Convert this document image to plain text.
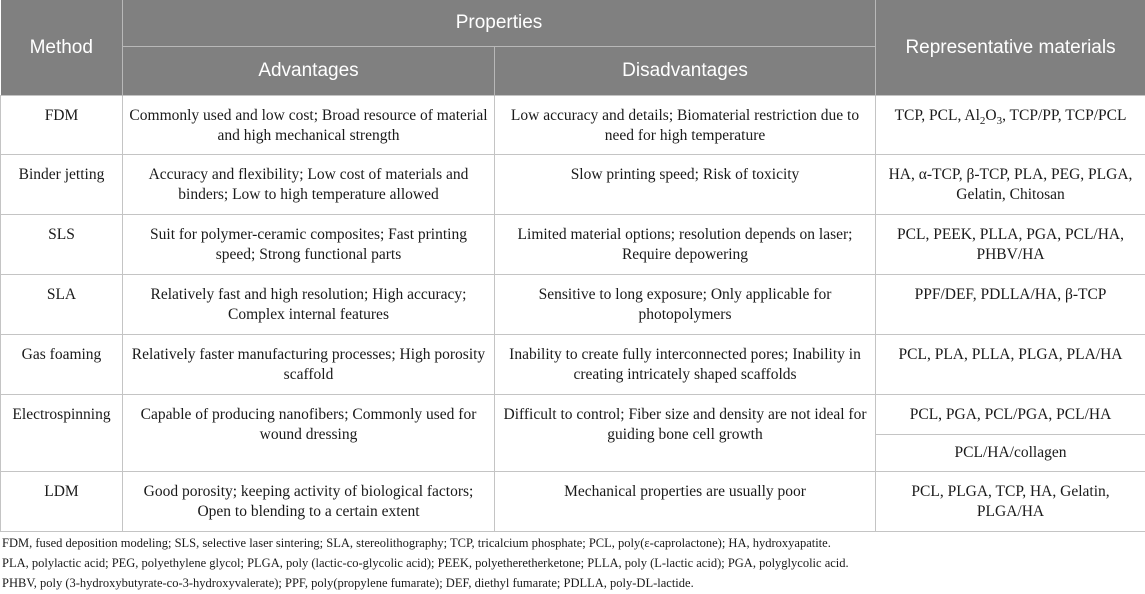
Method	Properties		Representative materials
	Advantages	Disadvantages	
FDM	Commonly used and low cost; Broad resource of material and high mechanical strength	Low accuracy and details; Biomaterial restriction due to need for high temperature	TCP, PCL, $Al_2O_3$, TCP/PP, TCP/PCL
Binder jetting	Accuracy and flexibility; Low cost of materials and binders; Low to high temperature allowed	Slow printing speed; Risk of toxicity	HA, α-TCP, β-TCP, PLA, PEG, PLGA, Gelatin, Chitosan
SLS	Suit for polymer-ceramic composites; Fast printing speed; Strong functional parts	Limited material options; resolution depends on laser; Require depowering	PCL, PEEK, PLLA, PGA, PCL/HA, PHBV/HA
SLA	Relatively fast and high resolution; High accuracy; Complex internal features	Sensitive to long exposure; Only applicable for photopolymers	PPF/DEF, PDLLA/HA, β-TCP
Gas foaming	Relatively faster manufacturing processes; High porosity scaffold	Inability to create fully interconnected pores; Inability in creating intricately shaped scaffolds	PCL, PLA, PLLA, PLGA, PLA/HA
Electrospinning	Capable of producing nanofibers; Commonly used for wound dressing	Difficult to control; Fiber size and density are not ideal for guiding bone cell growth	PCL, PGA, PCL/PGA, PCL/HA
			PCL/HA/collagen
LDM	Good porosity; keeping activity of biological factors; Open to blending to a certain extent	Mechanical properties are usually poor	PCL, PLGA, TCP, HA, Gelatin, PLGA/HA
FDM, fused deposition modeling; SLS, selective laser sintering; SLA, stereolithography; TCP, tricalcium phosphate; PCL, poly(ε-caprolactone); HA, hydroxyapatite.
PLA, polylactic acid; PEG, polyethylene glycol; PLGA, poly (lactic-co-glycolic acid); PEEK, polyetheretherketone; PLLA, poly (L-lactic acid); PGA, polyglycolic acid.
PHBV, poly (3-hydroxybutyrate-co-3-hydroxyvalerate); PPF, poly(propylene fumarate); DEF, diethyl fumarate; PDLLA, poly-DL-lactide.
